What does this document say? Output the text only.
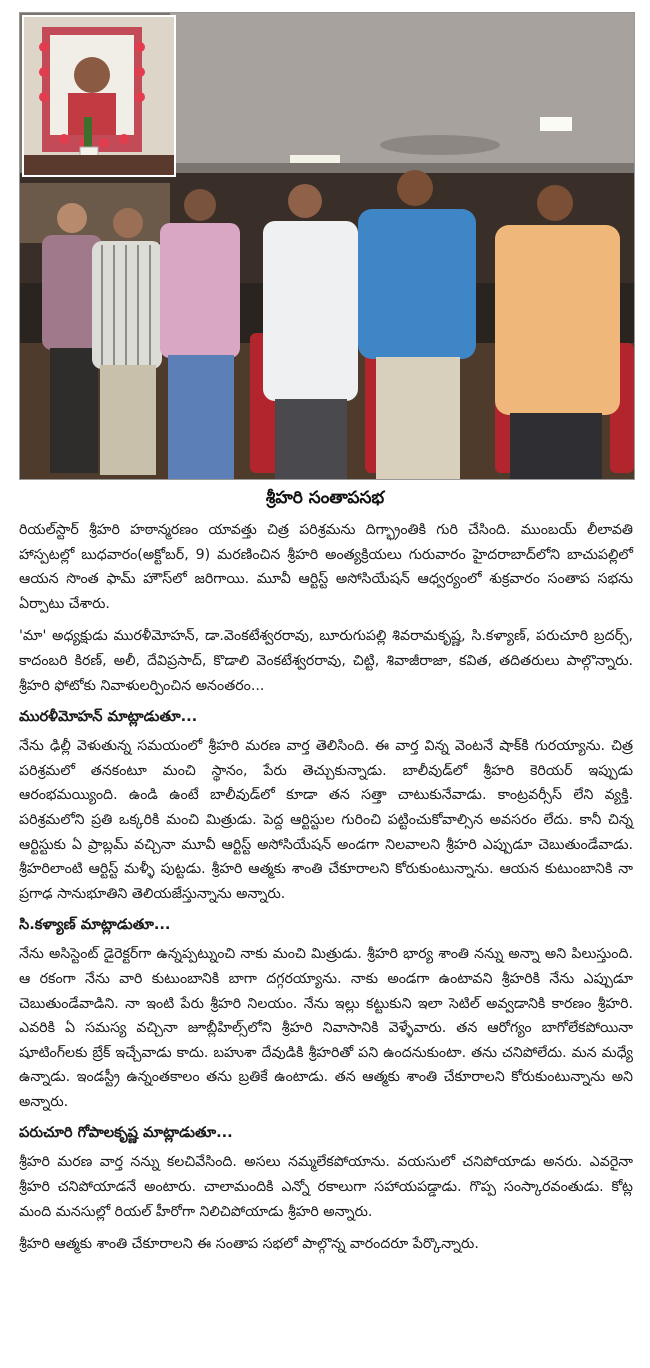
శ్రీహరి సంతాపసభ

రియల్‌స్టార్ శ్రీహరి హఠాన్మరణం యావత్తు చిత్ర పరిశ్రమను దిగ్భ్రాంతికి గురి చేసింది. ముంబయ్ లీలావతి హాస్పటల్లో బుధవారం(అక్టోబర్, 9) మరణించిన శ్రీహరి అంత్యక్రియలు గురువారం హైదరాబాద్‌లోని బాచుపల్లిలో ఆయన సొంత ఫామ్ హౌస్‌లో జరిగాయి. మూవీ ఆర్టిస్ట్ అసోసియేషన్ ఆధ్వర్యంలో శుక్రవారం సంతాప సభను ఏర్పాటు చేశారు.

'మా' అధ్యక్షుడు మురళీమోహన్, డా.వెంకటేశ్వరరావు, బూరుగుపల్లి శివరామకృష్ణ, సి.కళ్యాణ్, పరుచూరి బ్రదర్స్, కాదంబరి కిరణ్, అలీ, దేవిప్రసాద్, కొడాలి వెంకటేశ్వరరావు, చిట్టి, శివాజీరాజా, కవిత, తదితరులు పాల్గొన్నారు. శ్రీహరి ఫోటోకు నివాళులర్పించిన అనంతరం...

మురళీమోహన్ మాట్లాడుతూ...

నేను ఢిల్లీ వెళుతున్న సమయంలో శ్రీహరి మరణ వార్త తెలిసింది. ఈ వార్త విన్న వెంటనే షాక్‌కి గురయ్యాను. చిత్ర పరిశ్రమలో తనకంటూ మంచి స్థానం, పేరు తెచ్చుకున్నాడు. బాలీవుడ్‌లో శ్రీహరి కెరియర్ ఇప్పుడు ఆరంభమయ్యింది. ఉండి ఉంటే బాలీవుడ్‌లో కూడా తన సత్తా చాటుకునేవాడు. కాంట్రవర్సీస్ లేని వ్యక్తి. పరిశ్రమలోని ప్రతి ఒక్కరికి మంచి మిత్రుడు. పెద్ద ఆర్టిస్టుల గురించి పట్టించుకోవాల్సిన అవసరం లేదు. కానీ చిన్న ఆర్టిస్టుకు ఏ ప్రాబ్లమ్ వచ్చినా మూవీ ఆర్టిస్ట్ అసోసియేషన్ అండగా నిలవాలని శ్రీహరి ఎప్పుడూ చెబుతుండేవాడు. శ్రీహరిలాంటి ఆర్టిస్ట్ మళ్ళీ పుట్టడు. శ్రీహరి ఆత్మకు శాంతి చేకూరాలని కోరుకుంటున్నాను. ఆయన కుటుంబానికి నా ప్రగాఢ సానుభూతిని తెలియజేస్తున్నాను అన్నారు.

సి.కళ్యాణ్ మాట్లాడుతూ...

నేను అసిస్టెంట్ డైరెక్టర్‌గా ఉన్నప్పట్నుంచి నాకు మంచి మిత్రుడు. శ్రీహరి భార్య శాంతి నన్ను అన్నా అని పిలుస్తుంది. ఆ రకంగా నేను వారి కుటుంబానికి బాగా దగ్గరయ్యాను. నాకు అండగా ఉంటావని శ్రీహరికి నేను ఎప్పుడూ చెబుతుండేవాడిని. నా ఇంటి పేరు శ్రీహరి నిలయం. నేను ఇల్లు కట్టుకుని ఇలా సెటిల్ అవ్వడానికి కారణం శ్రీహరి. ఎవరికి ఏ సమస్య వచ్చినా జూబ్లీహిల్స్‌లోని శ్రీహరి నివాసానికి వెళ్ళేవారు. తన ఆరోగ్యం బాగోలేకపోయినా షూటింగ్‌లకు బ్రేక్ ఇచ్చేవాడు కాదు. బహుశా దేవుడికి శ్రీహరితో పని ఉందనుకుంటా. తను చనిపోలేదు. మన మధ్యే ఉన్నాడు. ఇండస్ట్రీ ఉన్నంతకాలం తను బ్రతికే ఉంటాడు. తన ఆత్మకు శాంతి చేకూరాలని కోరుకుంటున్నాను అని అన్నారు.

పరుచూరి గోపాలకృష్ణ మాట్లాడుతూ...

శ్రీహరి మరణ వార్త నన్ను కలచివేసింది. అసలు నమ్మలేకపోయాను. వయసులో చనిపోయాడు అనరు. ఎవరైనా శ్రీహరి చనిపోయాడనే అంటారు. చాలామందికి ఎన్నో రకాలుగా సహాయపడ్డాడు. గొప్ప సంస్కారవంతుడు. కోట్ల మంది మనసుల్లో రియల్ హీరోగా నిలిచిపోయాడు శ్రీహరి అన్నారు.

శ్రీహరి ఆత్మకు శాంతి చేకూరాలని ఈ సంతాప సభలో పాల్గొన్న వారందరూ పేర్కొన్నారు.
